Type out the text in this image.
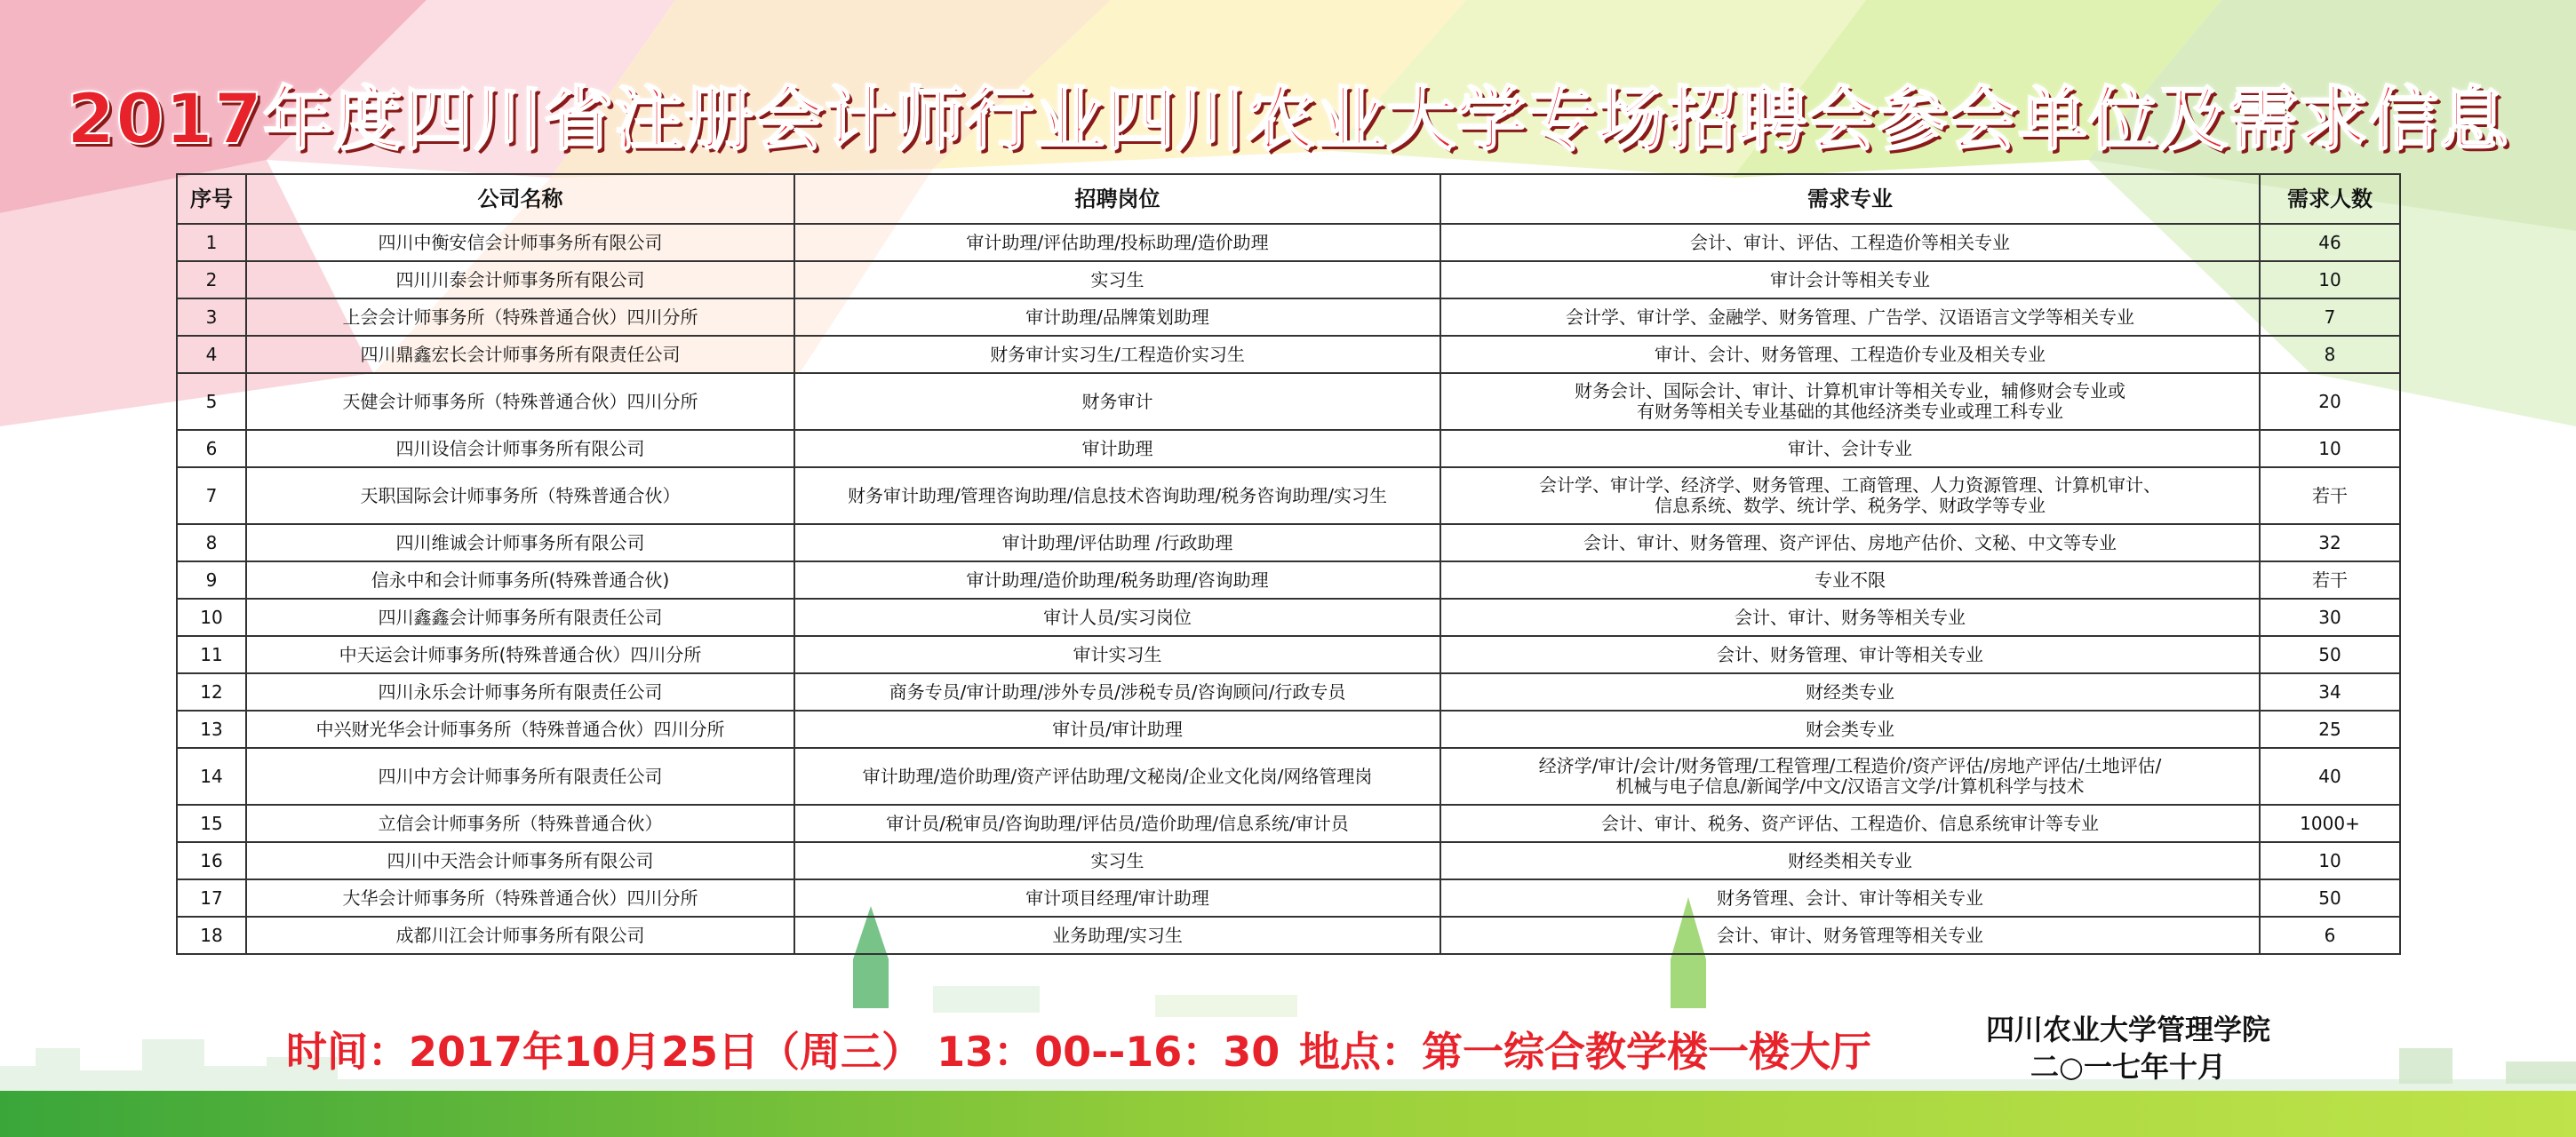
2017年度四川省注册会计师行业四川农业大学专场招聘会参会单位及需求信息
序号	公司名称	招聘岗位	需求专业	需求人数
1	四川中衡安信会计师事务所有限公司	审计助理/评估助理/投标助理/造价助理	会计、审计、评估、工程造价等相关专业	46
2	四川川泰会计师事务所有限公司	实习生	审计会计等相关专业	10
3	上会会计师事务所（特殊普通合伙）四川分所	审计助理/品牌策划助理	会计学、审计学、金融学、财务管理、广告学、汉语语言文学等相关专业	7
4	四川鼎鑫宏长会计师事务所有限责任公司	财务审计实习生/工程造价实习生	审计、会计、财务管理、工程造价专业及相关专业	8
5	天健会计师事务所（特殊普通合伙）四川分所	财务审计	财务会计、国际会计、审计、计算机审计等相关专业，辅修财会专业或
有财务等相关专业基础的其他经济类专业或理工科专业	20
6	四川设信会计师事务所有限公司	审计助理	审计、会计专业	10
7	天职国际会计师事务所（特殊普通合伙）	财务审计助理/管理咨询助理/信息技术咨询助理/税务咨询助理/实习生	会计学、审计学、经济学、财务管理、工商管理、人力资源管理、计算机审计、
信息系统、数学、统计学、税务学、财政学等专业	若干
8	四川维诚会计师事务所有限公司	审计助理/评估助理 /行政助理	会计、审计、财务管理、资产评估、房地产估价、文秘、中文等专业	32
9	信永中和会计师事务所(特殊普通合伙)	审计助理/造价助理/税务助理/咨询助理	专业不限	若干
10	四川鑫鑫会计师事务所有限责任公司	审计人员/实习岗位	会计、审计、财务等相关专业	30
11	中天运会计师事务所(特殊普通合伙）四川分所	审计实习生	会计、财务管理、审计等相关专业	50
12	四川永乐会计师事务所有限责任公司	商务专员/审计助理/涉外专员/涉税专员/咨询顾问/行政专员	财经类专业	34
13	中兴财光华会计师事务所（特殊普通合伙）四川分所	审计员/审计助理	财会类专业	25
14	四川中方会计师事务所有限责任公司	审计助理/造价助理/资产评估助理/文秘岗/企业文化岗/网络管理岗	经济学/审计/会计/财务管理/工程管理/工程造价/资产评估/房地产评估/土地评估/
机械与电子信息/新闻学/中文/汉语言文学/计算机科学与技术	40
15	立信会计师事务所（特殊普通合伙）	审计员/税审员/咨询助理/评估员/造价助理/信息系统/审计员	会计、审计、税务、资产评估、工程造价、信息系统审计等专业	1000+
16	四川中天浩会计师事务所有限公司	实习生	财经类相关专业	10
17	大华会计师事务所（特殊普通合伙）四川分所	审计项目经理/审计助理	财务管理、会计、审计等相关专业	50
18	成都川江会计师事务所有限公司	业务助理/实习生	会计、审计、财务管理等相关专业	6
时间：2017年10月25日（周三） 13：00--16：30 地点：第一综合教学楼一楼大厅	四川农业大学管理学院
二○一七年十月
